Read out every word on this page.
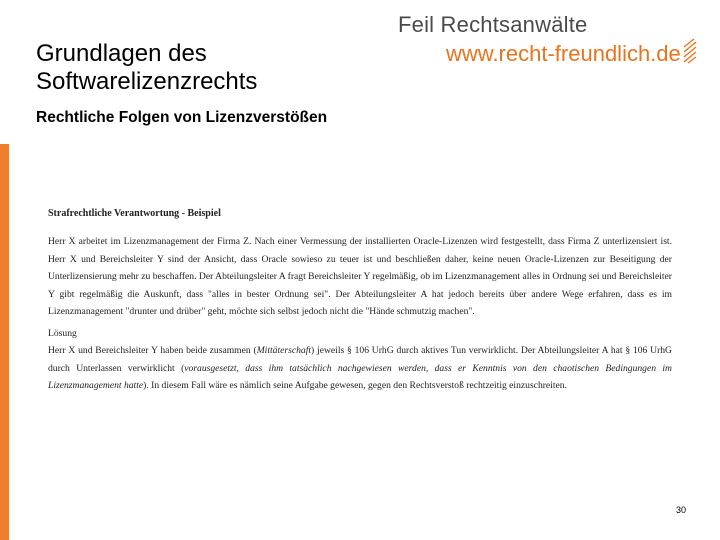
Grundlagen des Softwarelizenzrechts
Rechtliche Folgen von Lizenzverstößen
Feil Rechtsanwälte
www.recht-freundlich.de
Strafrechtliche Verantwortung - Beispiel

Herr X arbeitet im Lizenzmanagement der Firma Z. Nach einer Vermessung der installierten Oracle-Lizenzen wird festgestellt, dass Firma Z unterlizensiert ist. Herr X und Bereichsleiter Y sind der Ansicht, dass Oracle sowieso zu teuer ist und beschließen daher, keine neuen Oracle-Lizenzen zur Beseitigung der Unterlizensierung mehr zu beschaffen. Der Abteilungsleiter A fragt Bereichsleiter Y regelmäßig, ob im Lizenzmanagement alles in Ordnung sei und Bereichsleiter Y gibt regelmäßig die Auskunft, dass "alles in bester Ordnung sei". Der Abteilungsleiter A hat jedoch bereits über andere Wege erfahren, dass es im Lizenzmanagement "drunter und drüber" geht, möchte sich selbst jedoch nicht die "Hände schmutzig machen".

Lösung

Herr X und Bereichsleiter Y haben beide zusammen (Mittäterschaft) jeweils § 106 UrhG durch aktives Tun verwirklicht. Der Abteilungsleiter A hat § 106 UrhG durch Unterlassen verwirklicht (vorausgesetzt, dass ihm tatsächlich nachgewiesen werden, dass er Kenntnis von den chaotischen Bedingungen im Lizenzmanagement hatte). In diesem Fall wäre es nämlich seine Aufgabe gewesen, gegen den Rechtsverstoß rechtzeitig einzuschreiten.

30
